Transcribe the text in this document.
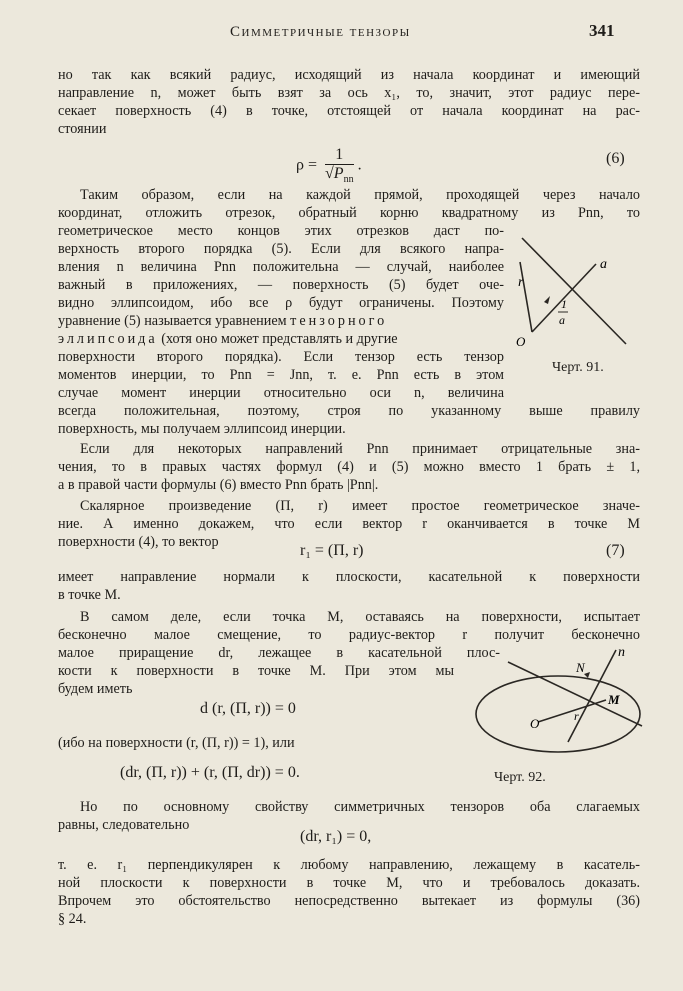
Симметричные тензоры	341
но так как всякий радиус, исходящий из начала координат и имеющий
направление n, может быть взят за ось x₁, то, значит, этот радиус пере-
секает поверхность (4) в точке, отстоящей от начала координат на рас-
стоянии
ρ =
1
$√P_{nn}$
.	(6)
Таким образом, если на каждой прямой, проходящей через начало
координат, отложить отрезок, обратный корню квадратному из Pnn, то
геометрическое место концов этих отрезков даст по-
верхность второго порядка (5). Если для всякого напра-
вления n величина Pnn положительна — случай, наиболее
важный в приложениях, — поверхность (5) будет оче-
видно эллипсоидом, ибо все ρ будут ограничены. Поэтому
уравнение (5) называется уравнением тензорного
эллипсоида (хотя оно может представлять и другие
поверхности второго порядка). Если тензор есть тензор
моментов инерции, то Pnn = Jnn, т. е. Pnn есть в этом
случае момент инерции относительно оси n, величина
всегда положительная, поэтому, строя по указанному выше правилу
поверхность, мы получаем эллипсоид инерции.
a
r
O
1
a
Черт. 91.
Если для некоторых направлений Pnn принимает отрицательные зна-
чения, то в правых частях формул (4) и (5) можно вместо 1 брать ± 1,
а в правой части формулы (6) вместо Pnn брать |Pnn|.
Скалярное произведение (П, r) имеет простое геометрическое значе-
ние. А именно докажем, что если вектор r оканчивается в точке M
поверхности (4), то вектор	r₁ = (П, r)	(7)
имеет направление нормали к плоскости, касательной к поверхности
в точке M.
В самом деле, если точка M, оставаясь на поверхности, испытает
бесконечно малое смещение, то радиус-вектор r получит бесконечно
малое приращение dr, лежащее в касательной плос-
кости к поверхности в точке M. При этом мы
будем иметь
d (r, (П, r)) = 0
(ибо на поверхности (r, (П, r)) = 1), или
(dr, (П, r)) + (r, (П, dr)) = 0.
n
N
M
O	r
Черт. 92.
Но по основному свойству симметричных тензоров оба слагаемых
равны, следовательно
(dr, r₁) = 0,
т. е. r₁ перпендикулярен к любому направлению, лежащему в касатель-
ной плоскости к поверхности в точке M, что и требовалось доказать.
Впрочем это обстоятельство непосредственно вытекает из формулы (36)
§ 24.
